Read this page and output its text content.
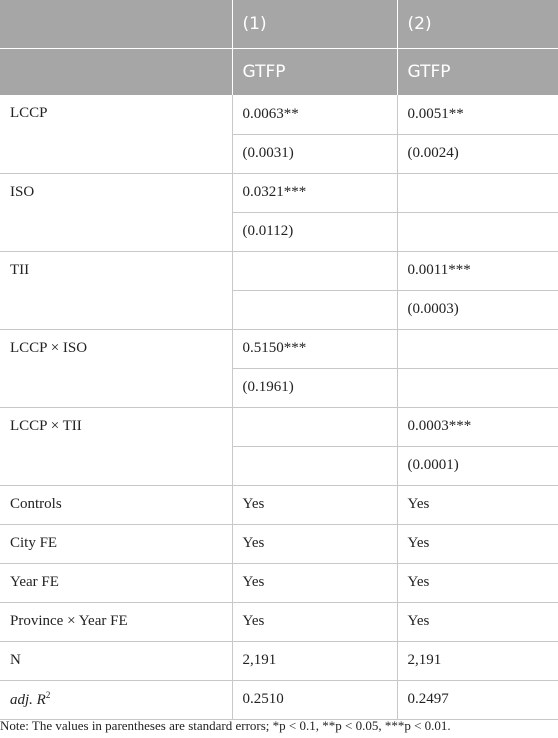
	(1)	(2)
	GTFP	GTFP
LCCP	0.0063**	0.0051**
	(0.0031)	(0.0024)
ISO	0.0321***	
	(0.0112)	
TII		0.0011***
		(0.0003)
LCCP × ISO	0.5150***	
	(0.1961)	
LCCP × TII		0.0003***
		(0.0001)
Controls	Yes	Yes
City FE	Yes	Yes
Year FE	Yes	Yes
Province × Year FE	Yes	Yes
N	2,191	2,191
adj. $R^2$	0.2510	0.2497
Note: The values in parentheses are standard errors; *p < 0.1, **p < 0.05, ***p < 0.01.
